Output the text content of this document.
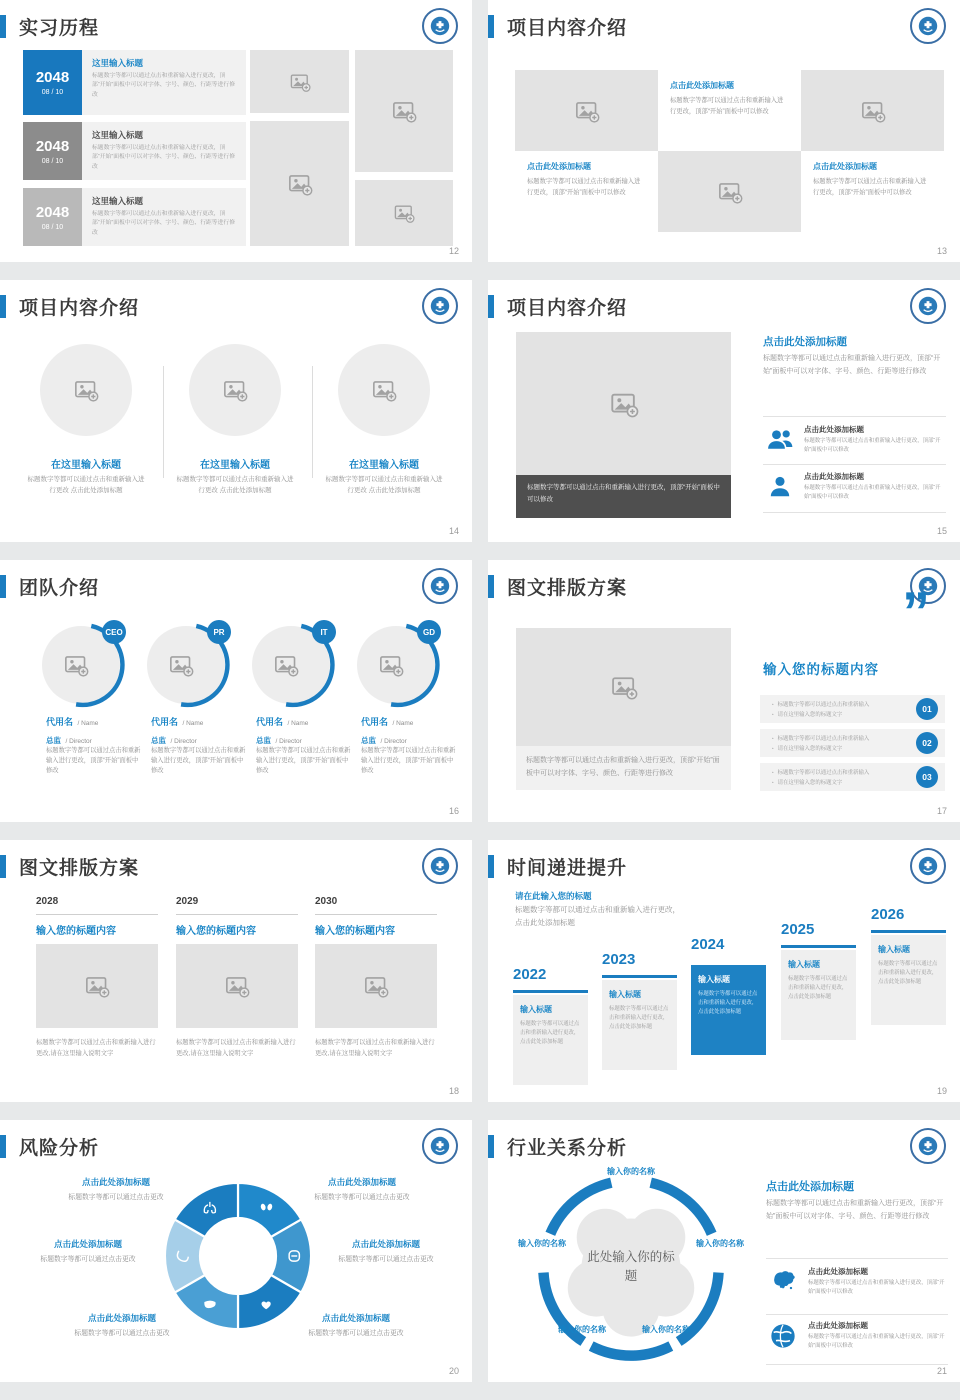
实习历程
2048
08 / 10
这里输入标题

标题数字等都可以通过点击和重新输入进行更改，顶部“开始”面板中可以对字体、字号、颜色、行距等进行修改

2048
08 / 10
这里输入标题

标题数字等都可以通过点击和重新输入进行更改，顶部“开始”面板中可以对字体、字号、颜色、行距等进行修改

2048
08 / 10
这里输入标题

标题数字等都可以通过点击和重新输入进行更改，顶部“开始”面板中可以对字体、字号、颜色、行距等进行修改

12
项目内容介绍
点击此处添加标题

标题数字等都可以通过点击和重新输入进行更改，顶部“开始”面板中可以修改

点击此处添加标题

标题数字等都可以通过点击和重新输入进行更改，顶部“开始”面板中可以修改

点击此处添加标题

标题数字等都可以通过点击和重新输入进行更改，顶部“开始”面板中可以修改

13
项目内容介绍
在这里输入标题

标题数字等都可以通过点击和重新输入进行更改 点击此处添加标题

在这里输入标题

标题数字等都可以通过点击和重新输入进行更改 点击此处添加标题

在这里输入标题

标题数字等都可以通过点击和重新输入进行更改 点击此处添加标题

14
项目内容介绍

标题数字等都可以通过点击和重新输入进行更改，顶部“开始”面板中可以修改

点击此处添加标题

标题数字等都可以通过点击和重新输入进行更改，顶部“开始”面板中可以对字体、字号、颜色、行距等进行修改

点击此处添加标题

标题数字等都可以通过点击和重新输入进行更改，顶部“开始”面板中可以修改

点击此处添加标题

标题数字等都可以通过点击和重新输入进行更改，顶部“开始”面板中可以修改

15
团队介绍
CEO
代用名 / Name
总监 / Director

标题数字等都可以通过点击和重新输入进行更改，顶部“开始”面板中修改

PR
代用名 / Name
总监 / Director

标题数字等都可以通过点击和重新输入进行更改，顶部“开始”面板中修改

IT
代用名 / Name
总监 / Director

标题数字等都可以通过点击和重新输入进行更改，顶部“开始”面板中修改

GD
代用名 / Name
总监 / Director

标题数字等都可以通过点击和重新输入进行更改，顶部“开始”面板中修改

16
图文排版方案

标题数字等都可以通过点击和重新输入进行更改，顶部“开始”面板中可以对字体、字号、颜色、行距等进行修改

”
输入您的标题内容

• 标题数字等都可以通过点击和重新输入

• 请在这里输入您的标题文字

01

• 标题数字等都可以通过点击和重新输入

• 请在这里输入您的标题文字

02

• 标题数字等都可以通过点击和重新输入

• 请在这里输入您的标题文字

03
17
图文排版方案
2028
输入您的标题内容

标题数字等都可以通过点击和重新输入进行更改,请在这里输入说明文字

2029
输入您的标题内容

标题数字等都可以通过点击和重新输入进行更改,请在这里输入说明文字

2030
输入您的标题内容

标题数字等都可以通过点击和重新输入进行更改,请在这里输入说明文字

18
时间递进提升
请在此输入您的标题

标题数字等都可以通过点击和重新输入进行更改，点击此处添加标题

2022
输入标题

标题数字等都可以通过点击和重新输入进行更改，点击此处添加标题

2023
输入标题

标题数字等都可以通过点击和重新输入进行更改，点击此处添加标题

2024
输入标题

标题数字等都可以通过点击和重新输入进行更改，点击此处添加标题

2025
输入标题

标题数字等都可以通过点击和重新输入进行更改，点击此处添加标题

2026
输入标题

标题数字等都可以通过点击和重新输入进行更改，点击此处添加标题

19
风险分析
点击此处添加标题

标题数字等都可以通过点击更改

点击此处添加标题

标题数字等都可以通过点击更改

点击此处添加标题

标题数字等都可以通过点击更改

点击此处添加标题

标题数字等都可以通过点击更改

点击此处添加标题

标题数字等都可以通过点击更改

点击此处添加标题

标题数字等都可以通过点击更改

20
行业关系分析
此处输入你的标题
输入你的名称
输入你的名称	输入你的名称
输入你的名称	输入你的名称
点击此处添加标题

标题数字等都可以通过点击和重新输入进行更改，顶部“开始”面板中可以对字体、字号、颜色、行距等进行修改

点击此处添加标题

标题数字等都可以通过点击和重新输入进行更改，顶部“开始”面板中可以修改

点击此处添加标题

标题数字等都可以通过点击和重新输入进行更改，顶部“开始”面板中可以修改

21
